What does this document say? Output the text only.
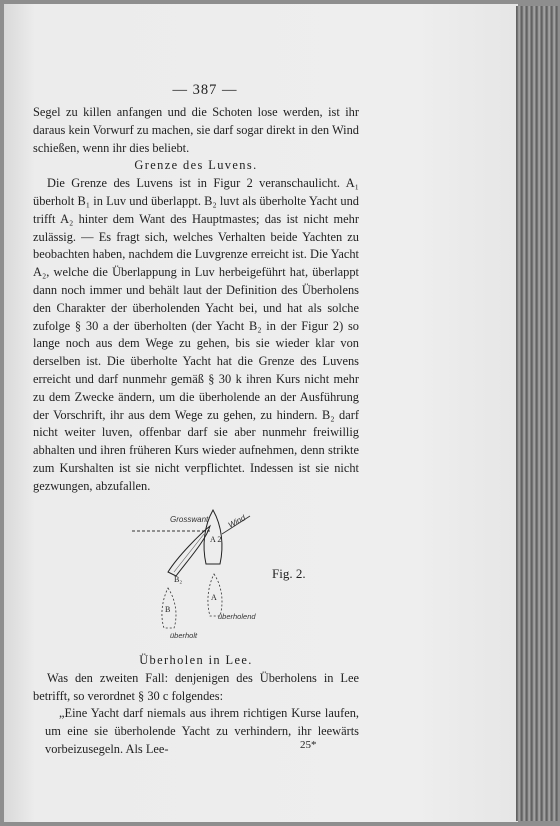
— 387 —

Segel zu killen anfangen und die Schoten lose werden, ist ihr daraus kein Vorwurf zu machen, sie darf sogar direkt in den Wind schießen, wenn ihr dies beliebt.

Grenze des Luvens.

Die Grenze des Luvens ist in Figur 2 veranschaulicht. A₁ überholt B₁ in Luv und überlappt. B₂ luvt als überholte Yacht und trifft A₂ hinter dem Want des Hauptmastes; das ist nicht mehr zulässig. — Es fragt sich, welches Verhalten beide Yachten zu beobachten haben, nachdem die Luvgrenze erreicht ist. Die Yacht A₂, welche die Überlappung in Luv herbeigeführt hat, überlappt dann noch immer und behält laut der Definition des Überholens den Charakter der überholenden Yacht bei, und hat als solche zufolge § 30 a der überholten (der Yacht B₂ in der Figur 2) so lange noch aus dem Wege zu gehen, bis sie wieder klar von derselben ist. Die überholte Yacht hat die Grenze des Luvens erreicht und darf nunmehr gemäß § 30 k ihren Kurs nicht mehr zu dem Zwecke ändern, um die überholende an der Ausführung der Vorschrift, ihr aus dem Wege zu gehen, zu hindern. B₂ darf nicht weiter luven, offenbar darf sie aber nunmehr freiwillig abhalten und ihren früheren Kurs wieder aufnehmen, denn strikte zum Kurshalten ist sie nicht verpflichtet. Indessen ist sie nicht gezwungen, abzufallen.

Grosswant Wind
A 2
B₂
B
A
überholend
überholt
Fig. 2.

Überholen in Lee.

Was den zweiten Fall: denjenigen des Überholens in Lee betrifft, so verordnet § 30 c folgendes:

„Eine Yacht darf niemals aus ihrem richtigen Kurse laufen, um eine sie überholende Yacht zu verhindern, ihr leewärts vorbeizusegeln. Als Lee-	25*
